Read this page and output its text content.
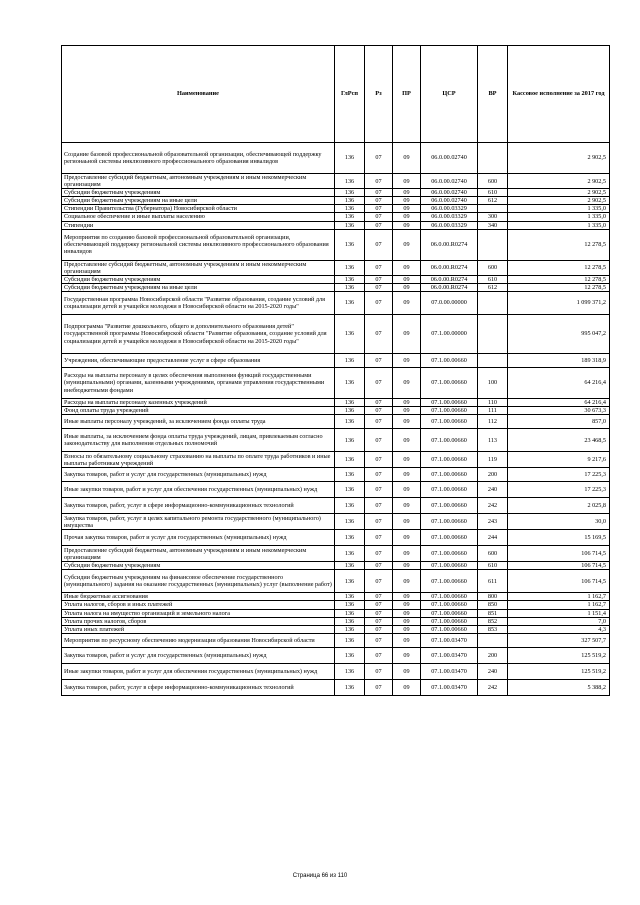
Наименование	ГлРсп	Рз	ПР	ЦСР	ВР	Кассовое исполнение за 2017 год
Создание базовой профессиональной образовательной организации, обеспечивающей поддержку регионаьной системы инклюзивного профессионального образования инвалидов	136	07	09	06.0.00.02740		2 902,5
Предоставление субсидий бюджетным, автономным учреждениям и иным некоммерческим организациям	136	07	09	06.0.00.02740	600	2 902,5
Субсидии бюджетным учреждениям	136	07	09	06.0.00.02740	610	2 902,5
Субсидии бюджетным учреждениям на иные цели	136	07	09	06.0.00.02740	612	2 902,5
Стипендии Правительства (Губернатора) Новосибирской области	136	07	09	06.0.00.03329		1 335,0
Социальное обеспечение и иные выплаты населению	136	07	09	06.0.00.03329	300	1 335,0
Стипендии	136	07	09	06.0.00.03329	340	1 335,0
Мероприятия по созданию базовой профессиональной образовательной организации, обеспечивающей поддержку региональной системы инклюзивного профессионального образования инвалидов	136	07	09	06.0.00.R0274		12 278,5
Предоставление субсидий бюджетным, автономным учреждениям и иным некоммерческим организациям	136	07	09	06.0.00.R0274	600	12 278,5
Субсидии бюджетным учреждениям	136	07	09	06.0.00.R0274	610	12 278,5
Субсидии бюджетным учреждениям на иные цели	136	07	09	06.0.00.R0274	612	12 278,5
Государственная программа Новосибирской области "Развитие образования, создание условий для социализации детей и учащейся молодежи в Новосибирской области на 2015-2020 годы"	136	07	09	07.0.00.00000		1 099 371,2
Подпрограмма "Развитие дошкольного, общего и дополнительного образования детей" государственной программы Новосибирской области "Развитие образования, создание условий для социализации детей и учащейся молодежи в Новосибирской области на 2015-2020 годы"	136	07	09	07.1.00.00000		995 047,2
Учреждения, обеспечивающие предоставление услуг в сфере образования	136	07	09	07.1.00.00660		189 318,9
Расходы на выплаты персоналу в целях обеспечения выполнения функций государственными (муниципальными) органами, казенными учреждениями, органами управления государственными внебюджетными фондами	136	07	09	07.1.00.00660	100	64 216,4
Расходы на выплаты персоналу казенных учреждений	136	07	09	07.1.00.00660	110	64 216,4
Фонд оплаты труда учреждений	136	07	09	07.1.00.00660	111	30 673,3
Иные выплаты персоналу учреждений, за исключением фонда оплаты труда	136	07	09	07.1.00.00660	112	857,0
Иные выплаты, за исключением фонда оплаты труда учреждений, лицам, привлекаемым согласно законодательству для выполнения отдельных полномочий	136	07	09	07.1.00.00660	113	23 468,5
Взносы по обязательному социальному страхованию на выплаты по оплате труда работников и иные выплаты работникам учреждений	136	07	09	07.1.00.00660	119	9 217,6
Закупка товаров, работ и услуг для государственных (муниципальных) нужд	136	07	09	07.1.00.00660	200	17 225,3
Иные закупки товаров, работ и услуг для обеспечения государственных (муниципальных) нужд	136	07	09	07.1.00.00660	240	17 225,3
Закупка товаров, работ, услуг в сфере информационно-коммуникационных технологий	136	07	09	07.1.00.00660	242	2 025,8
Закупка товаров, работ, услуг в целях капитального ремонта государственного (муниципального) имущества	136	07	09	07.1.00.00660	243	30,0
Прочая закупка товаров, работ и услуг для государственных (муниципальных) нужд	136	07	09	07.1.00.00660	244	15 169,5
Предоставление субсидий бюджетным, автономным учреждениям и иным некоммерческим организациям	136	07	09	07.1.00.00660	600	106 714,5
Субсидии бюджетным учреждениям	136	07	09	07.1.00.00660	610	106 714,5
Субсидии бюджетным учреждениям на финансовое обеспечение государственного (муниципального) задания на оказание государственных (муниципальных) услуг (выполнение работ)	136	07	09	07.1.00.00660	611	106 714,5
Иные бюджетные ассигнования	136	07	09	07.1.00.00660	800	1 162,7
Уплата налогов, сборов и иных платежей	136	07	09	07.1.00.00660	850	1 162,7
Уплата налога на имущество организаций и земельного налога	136	07	09	07.1.00.00660	851	1 151,4
Уплата прочих налогов, сборов	136	07	09	07.1.00.00660	852	7,0
Уплата иных платежей	136	07	09	07.1.00.00660	853	4,3
Мероприятия по ресурсному обеспечению модернизации образования Новосибирской области	136	07	09	07.1.00.03470		327 507,7
Закупка товаров, работ и услуг для государственных (муниципальных) нужд	136	07	09	07.1.00.03470	200	125 519,2
Иные закупки товаров, работ и услуг для обеспечения государственных (муниципальных) нужд	136	07	09	07.1.00.03470	240	125 519,2
Закупка товаров, работ, услуг в сфере информационно-коммуникационных технологий	136	07	09	07.1.00.03470	242	5 388,2
Страница 66 из 110
